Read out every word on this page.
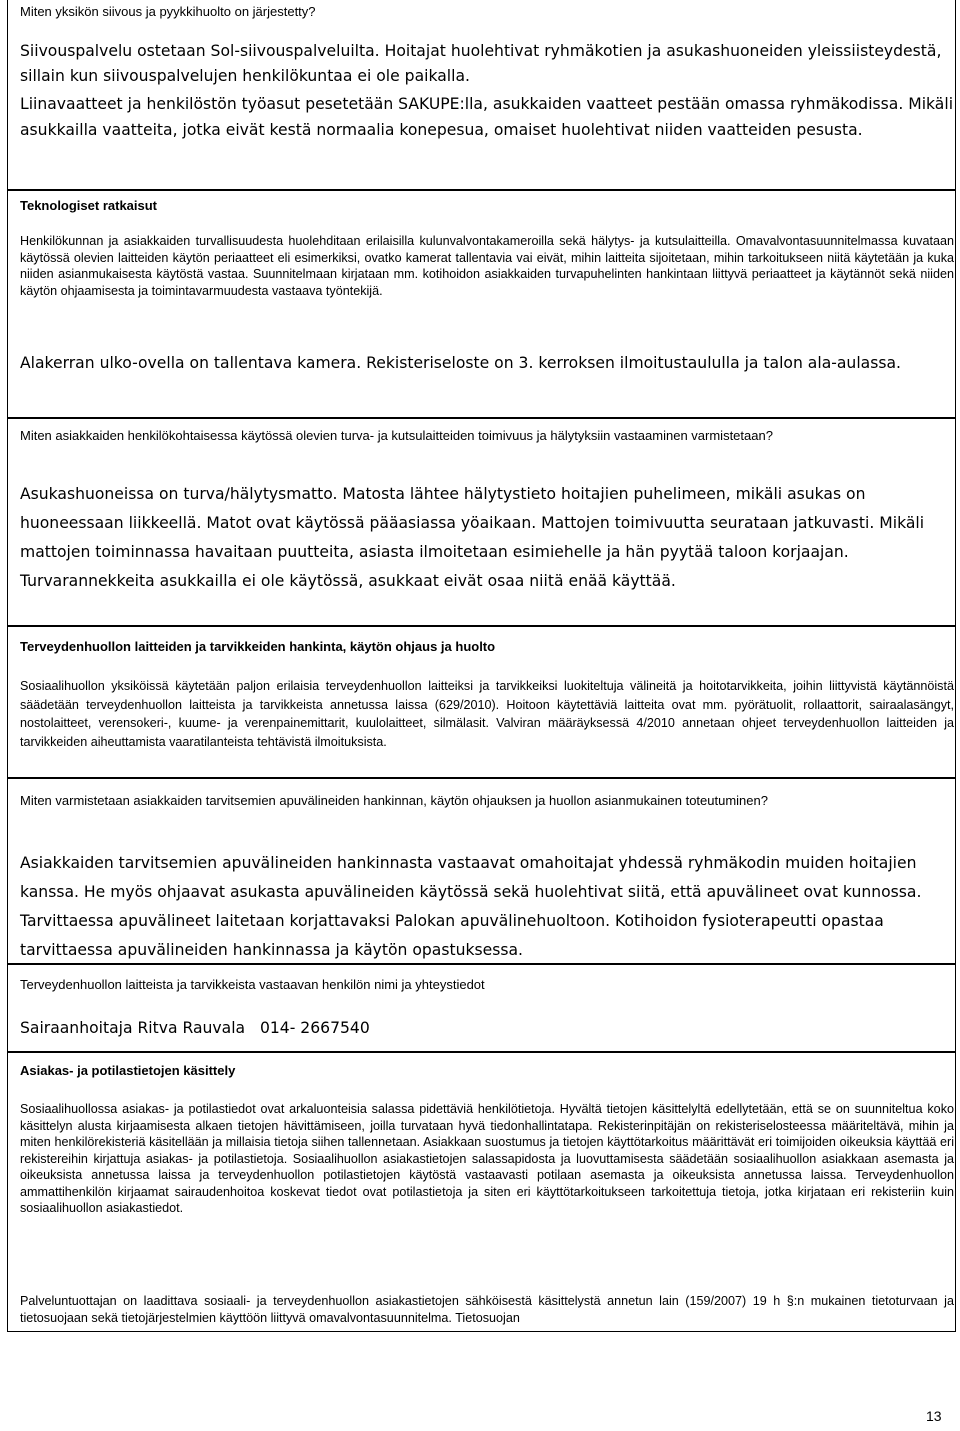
Miten yksikön siivous ja pyykkihuolto on järjestetty?

Siivouspalvelu ostetaan Sol-siivouspalveluilta. Hoitajat huolehtivat ryhmäkotien ja asukashuoneiden yleissiisteydestä, sillain kun siivouspalvelujen henkilökuntaa ei ole paikalla.

Liinavaatteet ja henkilöstön työasut pesetetään SAKUPE:lla, asukkaiden vaatteet pestään omassa ryhmäkodissa. Mikäli asukkailla vaatteita, jotka eivät kestä normaalia konepesua, omaiset huolehtivat niiden vaatteiden pesusta.

Teknologiset ratkaisut

Henkilökunnan ja asiakkaiden turvallisuudesta huolehditaan erilaisilla kulunvalvontakameroilla sekä hälytys- ja kutsulaitteilla. Omavalvontasuunnitelmassa kuvataan käytössä olevien laitteiden käytön periaatteet eli esimerkiksi, ovatko kamerat tallentavia vai eivät, mihin laitteita sijoitetaan, mihin tarkoitukseen niitä käytetään ja kuka niiden asianmukaisesta käytöstä vastaa. Suunnitelmaan kirjataan mm. kotihoidon asiakkaiden turvapuhelinten hankintaan liittyvä periaatteet ja käytännöt sekä niiden käytön ohjaamisesta ja toimintavarmuudesta vastaava työntekijä.

Alakerran ulko-ovella on tallentava kamera. Rekisteriseloste on 3. kerroksen ilmoitustaululla ja talon ala-aulassa.

Miten asiakkaiden henkilökohtaisessa käytössä olevien turva- ja kutsulaitteiden toimivuus ja hälytyksiin vastaaminen varmistetaan?

Asukashuoneissa on turva/hälytysmatto. Matosta lähtee hälytystieto hoitajien puhelimeen, mikäli asukas on huoneessaan liikkeellä. Matot ovat käytössä pääasiassa yöaikaan. Mattojen toimivuutta seurataan jatkuvasti. Mikäli mattojen toiminnassa havaitaan puutteita, asiasta ilmoitetaan esimiehelle ja hän pyytää taloon korjaajan. Turvarannekkeita asukkailla ei ole käytössä, asukkaat eivät osaa niitä enää käyttää.

Terveydenhuollon laitteiden ja tarvikkeiden hankinta, käytön ohjaus ja huolto

Sosiaalihuollon yksiköissä käytetään paljon erilaisia terveydenhuollon laitteiksi ja tarvikkeiksi luokiteltuja välineitä ja hoitotarvikkeita, joihin liittyvistä käytännöistä säädetään terveydenhuollon laitteista ja tarvikkeista annetussa laissa (629/2010). Hoitoon käytettäviä laitteita ovat mm. pyörätuolit, rollaattorit, sairaalasängyt, nostolaitteet, verensokeri-, kuume- ja verenpainemittarit, kuulolaitteet, silmälasit. Valviran määräyksessä 4/2010 annetaan ohjeet terveydenhuollon laitteiden ja tarvikkeiden aiheuttamista vaaratilanteista tehtävistä ilmoituksista.

Miten varmistetaan asiakkaiden tarvitsemien apuvälineiden hankinnan, käytön ohjauksen ja huollon asianmukainen toteutuminen?

Asiakkaiden tarvitsemien apuvälineiden hankinnasta vastaavat omahoitajat yhdessä ryhmäkodin muiden hoitajien kanssa. He myös ohjaavat asukasta apuvälineiden käytössä sekä huolehtivat siitä, että apuvälineet ovat kunnossa. Tarvittaessa apuvälineet laitetaan korjattavaksi Palokan apuvälinehuoltoon. Kotihoidon fysioterapeutti opastaa tarvittaessa apuvälineiden hankinnassa ja käytön opastuksessa.

Terveydenhuollon laitteista ja tarvikkeista vastaavan henkilön nimi ja yhteystiedot

Sairaanhoitaja Ritva Rauvala   014- 2667540

Asiakas- ja potilastietojen käsittely

Sosiaalihuollossa asiakas- ja potilastiedot ovat arkaluonteisia salassa pidettäviä henkilötietoja. Hyvältä tietojen käsittelyltä edellytetään, että se on suunniteltua koko käsittelyn alusta kirjaamisesta alkaen tietojen hävittämiseen, joilla turvataan hyvä tiedonhallintatapa. Rekisterinpitäjän on rekisteriselosteessa määriteltävä, mihin ja miten henkilörekisteriä käsitellään ja millaisia tietoja siihen tallennetaan. Asiakkaan suostumus ja tietojen käyttötarkoitus määrittävät eri toimijoiden oikeuksia käyttää eri rekistereihin kirjattuja asiakas- ja potilastietoja. Sosiaalihuollon asiakastietojen salassapidosta ja luovuttamisesta säädetään sosiaalihuollon asiakkaan asemasta ja oikeuksista annetussa laissa ja terveydenhuollon potilastietojen käytöstä vastaavasti potilaan asemasta ja oikeuksista annetussa laissa. Terveydenhuollon ammattihenkilön kirjaamat sairaudenhoitoa koskevat tiedot ovat potilastietoja ja siten eri käyttötarkoitukseen tarkoitettuja tietoja, jotka kirjataan eri rekisteriin kuin sosiaalihuollon asiakastiedot.

Palveluntuottajan on laadittava sosiaali- ja terveydenhuollon asiakastietojen sähköisestä käsittelystä annetun lain (159/2007) 19 h §:n mukainen tietoturvaan ja tietosuojaan sekä tietojärjestelmien käyttöön liittyvä omavalvontasuunnitelma. Tietosuojan

13
